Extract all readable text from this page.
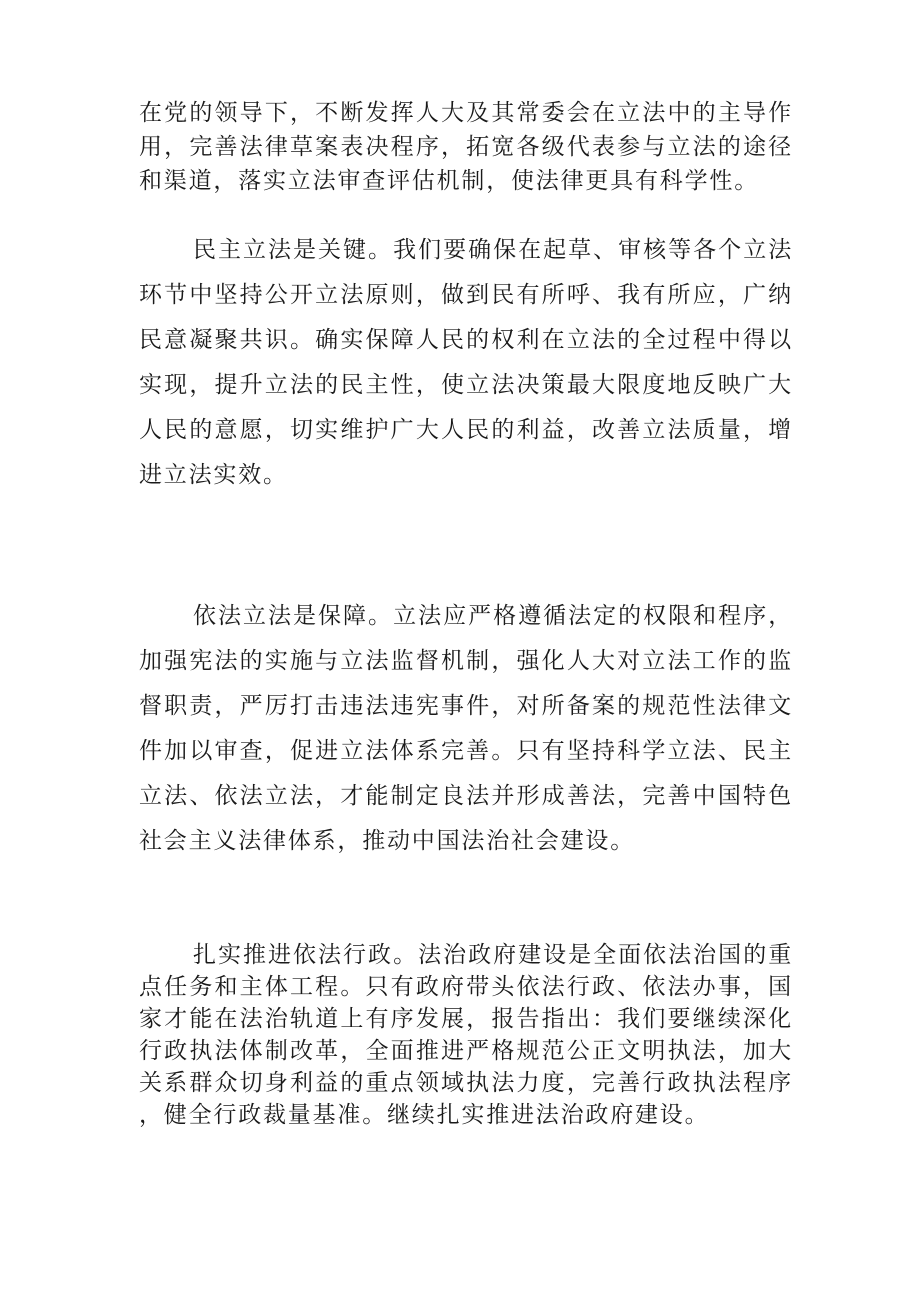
在党的领导下，不断发挥人大及其常委会在立法中的主导作用，完善法律草案表决程序，拓宽各级代表参与立法的途径和渠道，落实立法审查评估机制，使法律更具有科学性。

民主立法是关键。我们要确保在起草、审核等各个立法环节中坚持公开立法原则，做到民有所呼、我有所应，广纳民意凝聚共识。确实保障人民的权利在立法的全过程中得以实现，提升立法的民主性，使立法决策最大限度地反映广大人民的意愿，切实维护广大人民的利益，改善立法质量，增进立法实效。

依法立法是保障。立法应严格遵循法定的权限和程序，加强宪法的实施与立法监督机制，强化人大对立法工作的监督职责，严厉打击违法违宪事件，对所备案的规范性法律文件加以审查，促进立法体系完善。只有坚持科学立法、民主立法、依法立法，才能制定良法并形成善法，完善中国特色社会主义法律体系，推动中国法治社会建设。

扎实推进依法行政。法治政府建设是全面依法治国的重点任务和主体工程。只有政府带头依法行政、依法办事，国家才能在法治轨道上有序发展，报告指出：我们要继续深化行政执法体制改革，全面推进严格规范公正文明执法，加大关系群众切身利益的重点领域执法力度，完善行政执法程序，健全行政裁量基准。继续扎实推进法治政府建设。
